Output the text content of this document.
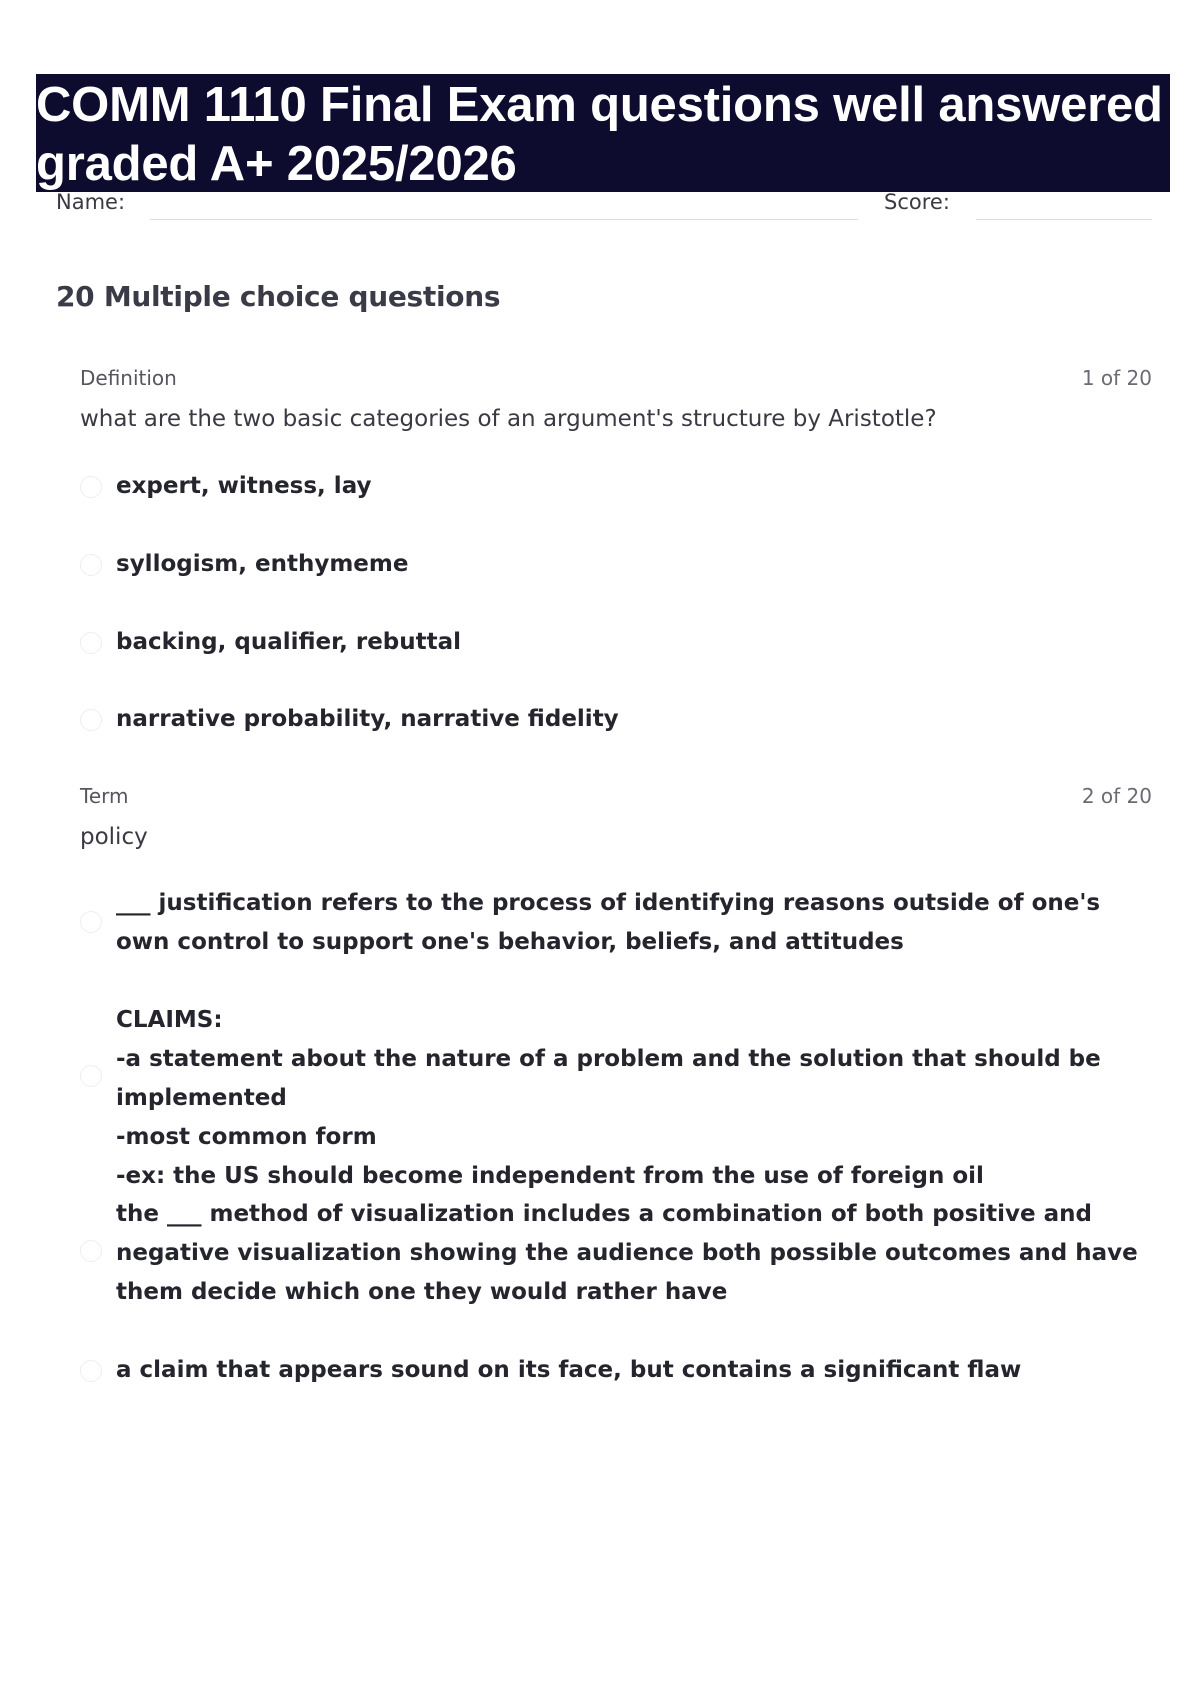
COMM 1110 Final Exam questions well answered graded A+ 2025/2026
Name:	Score:
20 Multiple choice questions
Definition	1 of 20
what are the two basic categories of an argument's structure by Aristotle?

expert, witness, lay

syllogism, enthymeme

backing, qualifier, rebuttal

narrative probability, narrative fidelity

Term	2 of 20
policy

___ justification refers to the process of identifying reasons outside of one's own control to support one's behavior, beliefs, and attitudes

CLAIMS:
-a statement about the nature of a problem and the solution that should be implemented
-most common form
-ex: the US should become independent from the use of foreign oil

the ___ method of visualization includes a combination of both positive and negative visualization showing the audience both possible outcomes and have them decide which one they would rather have

a claim that appears sound on its face, but contains a significant flaw
